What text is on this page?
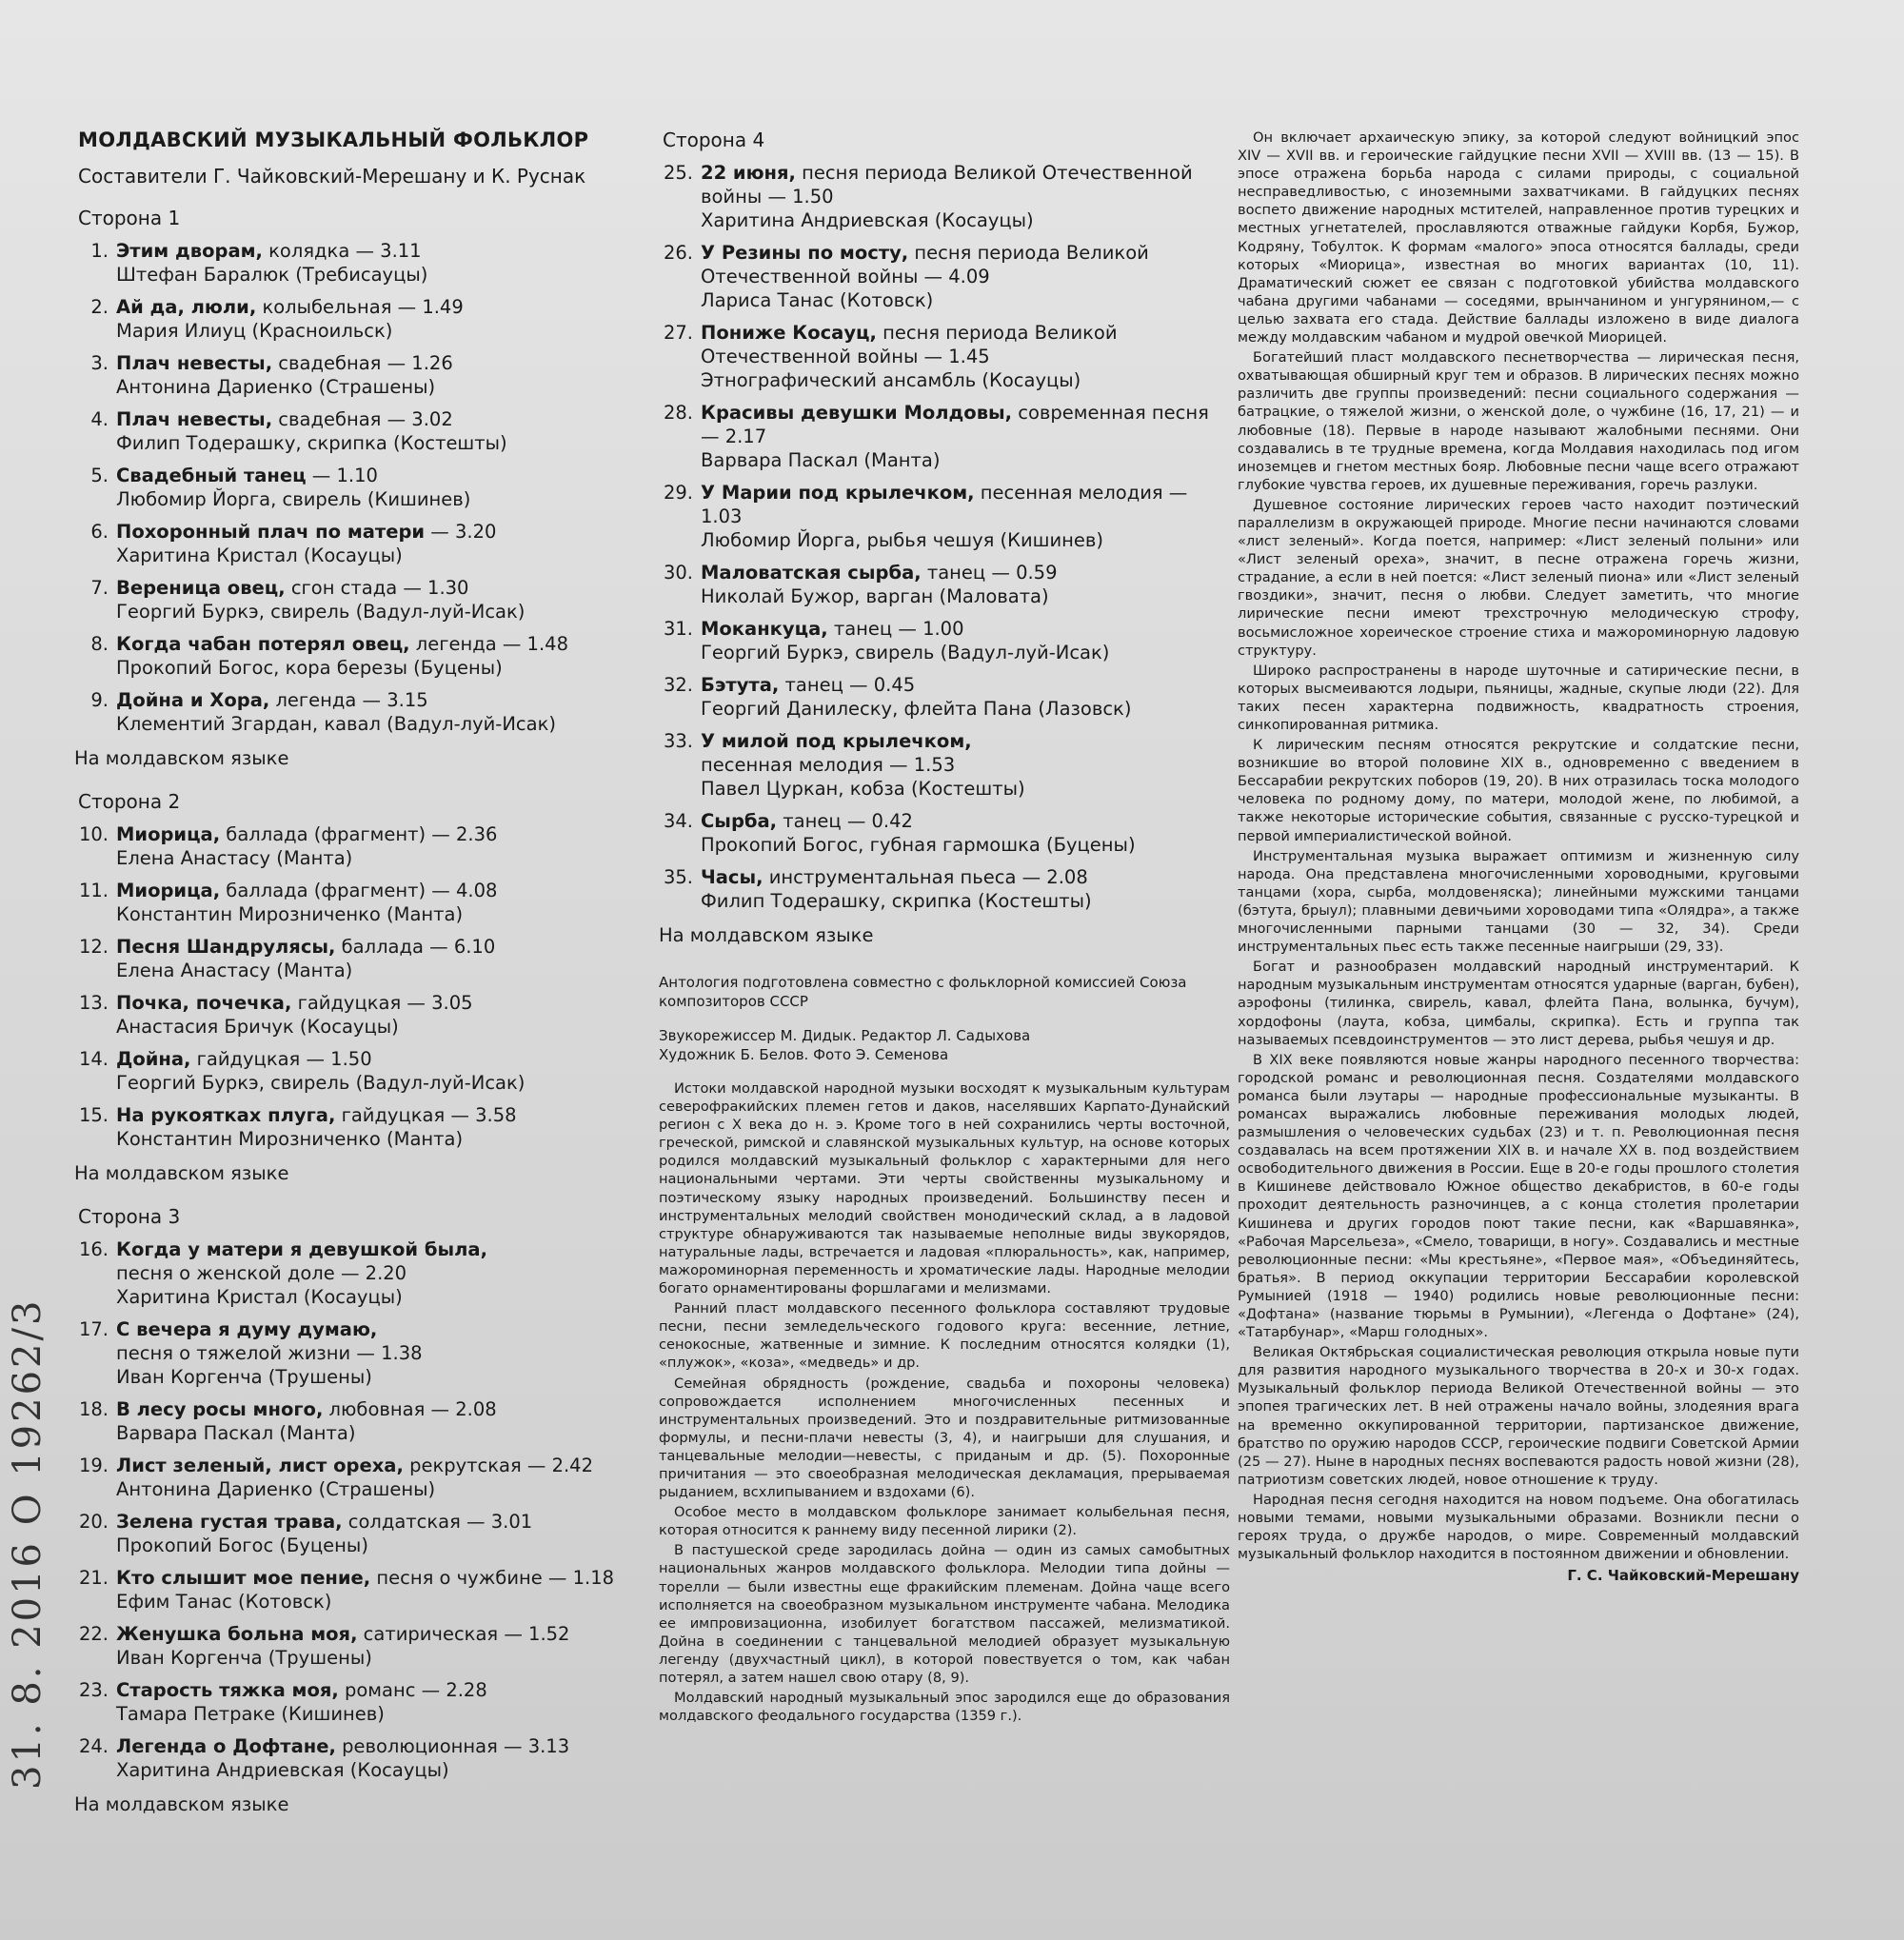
МОЛДАВСКИЙ МУЗЫКАЛЬНЫЙ ФОЛЬКЛОР
Составители Г. Чайковский-Мерешану и К. Руснак
Сторона 1
1. Этим дворам, колядка — 3.11
Штефан Баралюк (Требисауцы)
2. Ай да, люли, колыбельная — 1.49
Мария Илиуц (Красноильск)
3. Плач невесты, свадебная — 1.26
Антонина Дариенко (Страшены)
4. Плач невесты, свадебная — 3.02
Филип Тодерашку, скрипка (Костешты)
5. Свадебный танец — 1.10
Любомир Йорга, свирель (Кишинев)
6. Похоронный плач по матери — 3.20
Харитина Кристал (Косауцы)
7. Вереница овец, сгон стада — 1.30
Георгий Буркэ, свирель (Вадул-луй-Исак)
8. Когда чабан потерял овец, легенда — 1.48
Прокопий Богос, кора березы (Буцены)
9. Дойна и Хора, легенда — 3.15
Клементий Згардан, кавал (Вадул-луй-Исак)
На молдавском языке
Сторона 2
10. Миорица, баллада (фрагмент) — 2.36
Елена Анастасу (Манта)
11. Миорица, баллада (фрагмент) — 4.08
Константин Мирозниченко (Манта)
12. Песня Шандрулясы, баллада — 6.10
Елена Анастасу (Манта)
13. Почка, почечка, гайдуцкая — 3.05
Анастасия Бричук (Косауцы)
14. Дойна, гайдуцкая — 1.50
Георгий Буркэ, свирель (Вадул-луй-Исак)
15. На рукоятках плуга, гайдуцкая — 3.58
Константин Мирозниченко (Манта)
На молдавском языке
Сторона 3
16. Когда у матери я девушкой была,
песня о женской доле — 2.20
Харитина Кристал (Косауцы)
17. С вечера я думу думаю,
песня о тяжелой жизни — 1.38
Иван Коргенча (Трушены)
18. В лесу росы много, любовная — 2.08
Варвара Паскал (Манта)
19. Лист зеленый, лист ореха, рекрутская — 2.42
Антонина Дариенко (Страшены)
20. Зелена густая трава, солдатская — 3.01
Прокопий Богос (Буцены)
21. Кто слышит мое пение, песня о чужбине — 1.18
Ефим Танас (Котовск)
22. Женушка больна моя, сатирическая — 1.52
Иван Коргенча (Трушены)
23. Старость тяжка моя, романс — 2.28
Тамара Петраке (Кишинев)
24. Легенда о Дофтане, революционная — 3.13
Харитина Андриевская (Косауцы)
На молдавском языке
Сторона 4
25. 22 июня, песня периода Великой Отечественной войны — 1.50
Харитина Андриевская (Косауцы)
26. У Резины по мосту, песня периода Великой Отечественной войны — 4.09
Лариса Танас (Котовск)
27. Пониже Косауц, песня периода Великой Отечественной войны — 1.45
Этнографический ансамбль (Косауцы)
28. Красивы девушки Молдовы, современная песня — 2.17
Варвара Паскал (Манта)
29. У Марии под крылечком, песенная мелодия — 1.03
Любомир Йорга, рыбья чешуя (Кишинев)
30. Маловатская сырба, танец — 0.59
Николай Бужор, варган (Маловата)
31. Моканкуца, танец — 1.00
Георгий Буркэ, свирель (Вадул-луй-Исак)
32. Бэтута, танец — 0.45
Георгий Данилеску, флейта Пана (Лазовск)
33. У милой под крылечком,
песенная мелодия — 1.53
Павел Цуркан, кобза (Костешты)
34. Сырба, танец — 0.42
Прокопий Богос, губная гармошка (Буцены)
35. Часы, инструментальная пьеса — 2.08
Филип Тодерашку, скрипка (Костешты)
На молдавском языке

Антология подготовлена совместно с фольклорной комиссией Союза композиторов СССР

Звукорежиссер М. Дидык. Редактор Л. Садыхова
Художник Б. Белов. Фото Э. Семенова

Истоки молдавской народной музыки восходят к музыкальным культурам северофракийских племен гетов и даков, населявших Карпато-Дунайский регион с Х века до н. э. Кроме того в ней сохранились черты восточной, греческой, римской и славянской музыкальных культур, на основе которых родился молдавский музыкальный фольклор с характерными для него национальными чертами. Эти черты свойственны музыкальному и поэтическому языку народных произведений. Большинству песен и инструментальных мелодий свойствен монодический склад, а в ладовой структуре обнаруживаются так называемые неполные виды звукорядов, натуральные лады, встречается и ладовая «плюральность», как, например, мажороминорная переменность и хроматические лады. Народные мелодии богато орнаментированы форшлагами и мелизмами.

Ранний пласт молдавского песенного фольклора составляют трудовые песни, песни земледельческого годового круга: весенние, летние, сенокосные, жатвенные и зимние. К последним относятся колядки (1), «плужок», «коза», «медведь» и др.

Семейная обрядность (рождение, свадьба и похороны человека) сопровождается исполнением многочисленных песенных и инструментальных произведений. Это и поздравительные ритмизованные формулы, и песни-плачи невесты (3, 4), и наигрыши для слушания, и танцевальные мелодии—невесты, с приданым и др. (5). Похоронные причитания — это своеобразная мелодическая декламация, прерываемая рыданием, всхлипыванием и вздохами (6).

Особое место в молдавском фольклоре занимает колыбельная песня, которая относится к раннему виду песенной лирики (2).

В пастушеской среде зародилась дойна — один из самых самобытных национальных жанров молдавского фольклора. Мелодии типа дойны — торелли — были известны еще фракийским племенам. Дойна чаще всего исполняется на своеобразном музыкальном инструменте чабана. Мелодика ее импровизационна, изобилует богатством пассажей, мелизматикой. Дойна в соединении с танцевальной мелодией образует музыкальную легенду (двухчастный цикл), в которой повествуется о том, как чабан потерял, а затем нашел свою отару (8, 9).

Молдавский народный музыкальный эпос зародился еще до образования молдавского феодального государства (1359 г.).

Он включает архаическую эпику, за которой следуют войницкий эпос XIV — XVII вв. и героические гайдуцкие песни XVII — XVIII вв. (13 — 15). В эпосе отражена борьба народа с силами природы, с социальной несправедливостью, с иноземными захватчиками. В гайдуцких песнях воспето движение народных мстителей, направленное против турецких и местных угнетателей, прославляются отважные гайдуки Корбя, Бужор, Кодряну, Тобулток. К формам «малого» эпоса относятся баллады, среди которых «Миорица», известная во многих вариантах (10, 11). Драматический сюжет ее связан с подготовкой убийства молдавского чабана другими чабанами — соседями, врынчанином и унгурянином,— с целью захвата его стада. Действие баллады изложено в виде диалога между молдавским чабаном и мудрой овечкой Миорицей.

Богатейший пласт молдавского песнетворчества — лирическая песня, охватывающая обширный круг тем и образов. В лирических песнях можно различить две группы произведений: песни социального содержания — батрацкие, о тяжелой жизни, о женской доле, о чужбине (16, 17, 21) — и любовные (18). Первые в народе называют жалобными песнями. Они создавались в те трудные времена, когда Молдавия находилась под игом иноземцев и гнетом местных бояр. Любовные песни чаще всего отражают глубокие чувства героев, их душевные переживания, горечь разлуки.

Душевное состояние лирических героев часто находит поэтический параллелизм в окружающей природе. Многие песни начинаются словами «лист зеленый». Когда поется, например: «Лист зеленый полыни» или «Лист зеленый ореха», значит, в песне отражена горечь жизни, страдание, а если в ней поется: «Лист зеленый пиона» или «Лист зеленый гвоздики», значит, песня о любви. Следует заметить, что многие лирические песни имеют трехстрочную мелодическую строфу, восьмисложное хореическое строение стиха и мажороминорную ладовую структуру.

Широко распространены в народе шуточные и сатирические песни, в которых высмеиваются лодыри, пьяницы, жадные, скупые люди (22). Для таких песен характерна подвижность, квадратность строения, синкопированная ритмика.

К лирическим песням относятся рекрутские и солдатские песни, возникшие во второй половине XIX в., одновременно с введением в Бессарабии рекрутских поборов (19, 20). В них отразилась тоска молодого человека по родному дому, по матери, молодой жене, по любимой, а также некоторые исторические события, связанные с русско-турецкой и первой империалистической войной.

Инструментальная музыка выражает оптимизм и жизненную силу народа. Она представлена многочисленными хороводными, круговыми танцами (хора, сырба, молдовеняска); линейными мужскими танцами (бэтута, брыул); плавными девичьими хороводами типа «Олядра», а также многочисленными парными танцами (30 — 32, 34). Среди инструментальных пьес есть также песенные наигрыши (29, 33).

Богат и разнообразен молдавский народный инструментарий. К народным музыкальным инструментам относятся ударные (варган, бубен), аэрофоны (тилинка, свирель, кавал, флейта Пана, волынка, бучум), хордофоны (лаута, кобза, цимбалы, скрипка). Есть и группа так называемых псевдоинструментов — это лист дерева, рыбья чешуя и др.

В XIX веке появляются новые жанры народного песенного творчества: городской романс и революционная песня. Создателями молдавского романса были лэутары — народные профессиональные музыканты. В романсах выражались любовные переживания молодых людей, размышления о человеческих судьбах (23) и т. п. Революционная песня создавалась на всем протяжении XIX в. и начале XX в. под воздействием освободительного движения в России. Еще в 20-е годы прошлого столетия в Кишиневе действовало Южное общество декабристов, в 60-е годы проходит деятельность разночинцев, а с конца столетия пролетарии Кишинева и других городов поют такие песни, как «Варшавянка», «Рабочая Марсельеза», «Смело, товарищи, в ногу». Создавались и местные революционные песни: «Мы крестьяне», «Первое мая», «Объединяйтесь, братья». В период оккупации территории Бессарабии королевской Румынией (1918 — 1940) родились новые революционные песни: «Дофтана» (название тюрьмы в Румынии), «Легенда о Дофтане» (24), «Татарбунар», «Марш голодных».

Великая Октябрьская социалистическая революция открыла новые пути для развития народного музыкального творчества в 20-х и 30-х годах. Музыкальный фольклор периода Великой Отечественной войны — это эпопея трагических лет. В ней отражены начало войны, злодеяния врага на временно оккупированной территории, партизанское движение, братство по оружию народов СССР, героические подвиги Советской Армии (25 — 27). Ныне в народных песнях воспеваются радость новой жизни (28), патриотизм советских людей, новое отношение к труду.

Народная песня сегодня находится на новом подъеме. Она обогатилась новыми темами, новыми музыкальными образами. Возникли песни о героях труда, о дружбе народов, о мире. Современный молдавский музыкальный фольклор находится в постоянном движении и обновлении.

Г. С. Чайковский-Мерешану
31. 8. 2016 О 19262/3
